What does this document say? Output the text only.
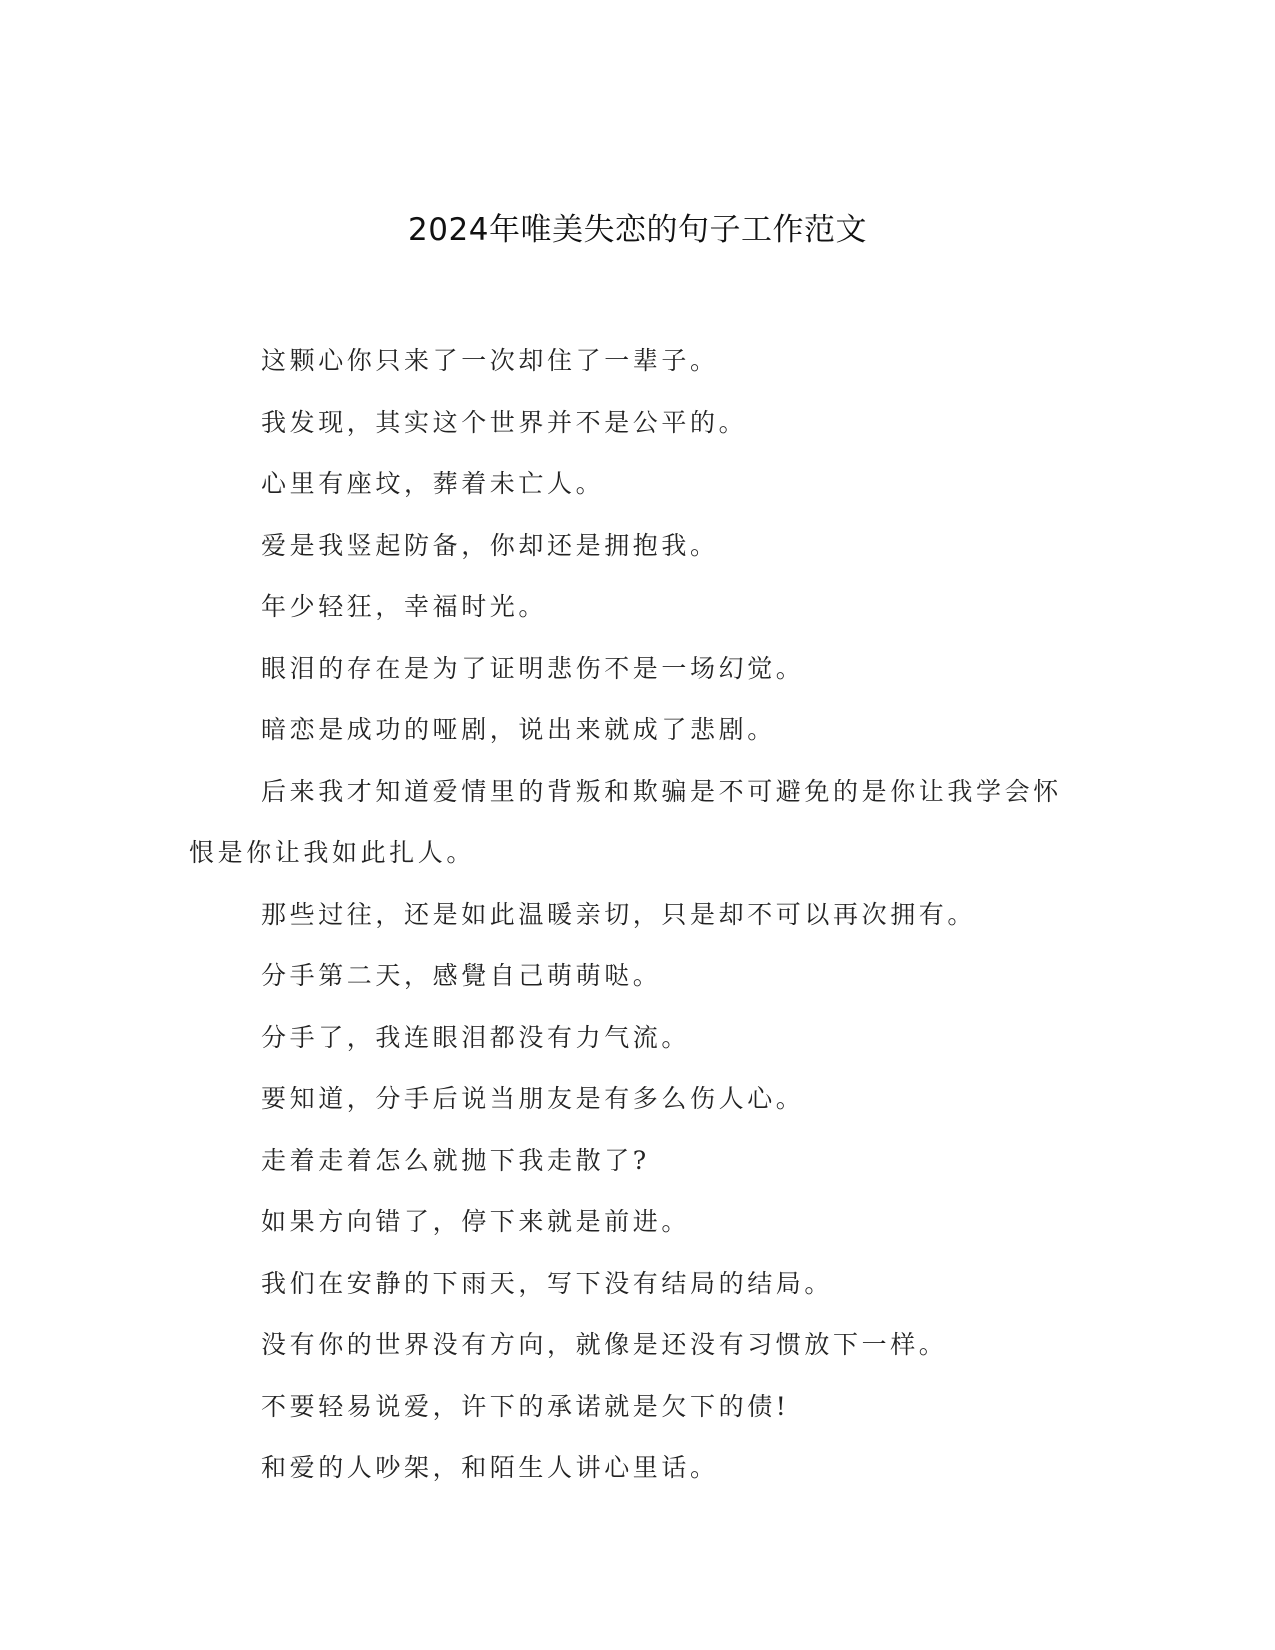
2024年唯美失恋的句子工作范文

这颗心你只来了一次却住了一辈子。

我发现，其实这个世界并不是公平的。

心里有座坟，葬着未亡人。

爱是我竖起防备，你却还是拥抱我。

年少轻狂，幸福时光。

眼泪的存在是为了证明悲伤不是一场幻觉。

暗恋是成功的哑剧，说出来就成了悲剧。

后来我才知道爱情里的背叛和欺骗是不可避免的是你让我学会怀恨是你让我如此扎人。

那些过往，还是如此温暖亲切，只是却不可以再次拥有。

分手第二天，感覺自己萌萌哒。

分手了，我连眼泪都没有力气流。

要知道，分手后说当朋友是有多么伤人心。

走着走着怎么就抛下我走散了?

如果方向错了，停下来就是前进。

我们在安静的下雨天，写下没有结局的结局。

没有你的世界没有方向，就像是还没有习惯放下一样。

不要轻易说爱，许下的承诺就是欠下的债!

和爱的人吵架，和陌生人讲心里话。
